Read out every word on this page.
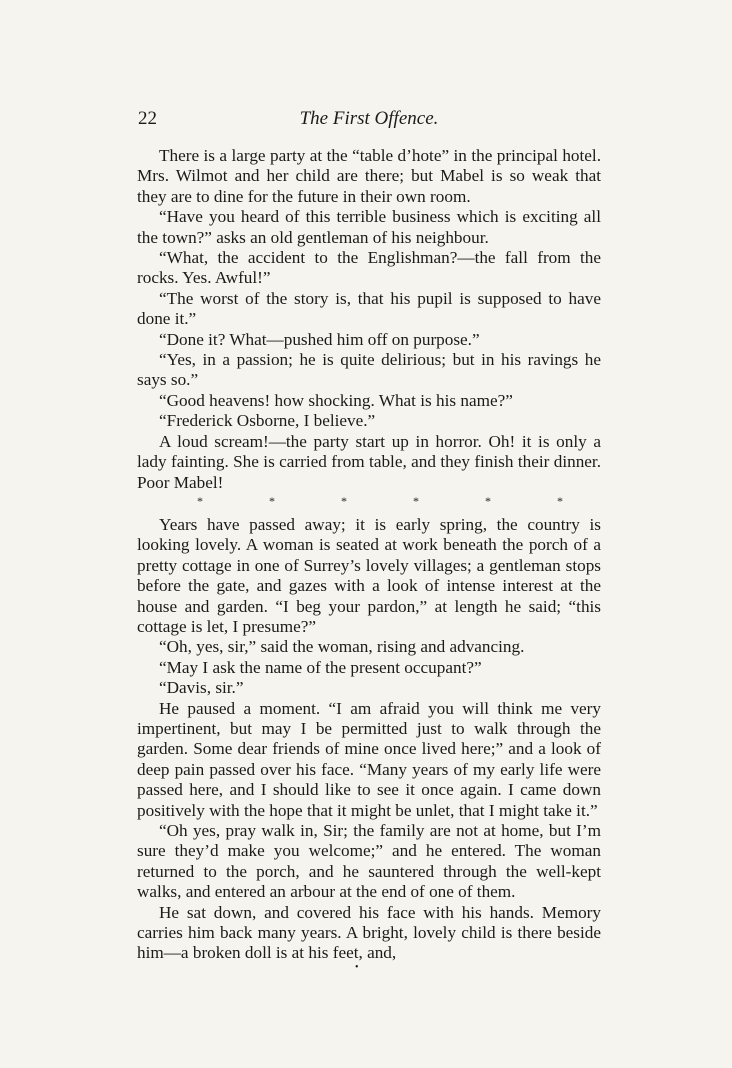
22	The First Offence.

There is a large party at the “table d’hote” in the principal hotel. Mrs. Wilmot and her child are there; but Mabel is so weak that they are to dine for the future in their own room.

“Have you heard of this terrible business which is exciting all the town?” asks an old gentleman of his neighbour.

“What, the accident to the Englishman?—the fall from the rocks. Yes. Awful!”

“The worst of the story is, that his pupil is supposed to have done it.”

“Done it? What—pushed him off on purpose.”

“Yes, in a passion; he is quite delirious; but in his ravings he says so.”

“Good heavens! how shocking. What is his name?”

“Frederick Osborne, I believe.”

A loud scream!—the party start up in horror. Oh! it is only a lady fainting. She is carried from table, and they finish their dinner. Poor Mabel!

*	*	*	*	*	*

Years have passed away; it is early spring, the country is looking lovely. A woman is seated at work beneath the porch of a pretty cottage in one of Surrey’s lovely villages; a gentleman stops before the gate, and gazes with a look of intense interest at the house and garden. “I beg your pardon,” at length he said; “this cottage is let, I presume?”

“Oh, yes, sir,” said the woman, rising and advancing.

“May I ask the name of the present occupant?”

“Davis, sir.”

He paused a moment. “I am afraid you will think me very impertinent, but may I be permitted just to walk through the garden. Some dear friends of mine once lived here;” and a look of deep pain passed over his face. “Many years of my early life were passed here, and I should like to see it once again. I came down positively with the hope that it might be unlet, that I might take it.”

“Oh yes, pray walk in, Sir; the family are not at home, but I’m sure they’d make you welcome;” and he entered. The woman returned to the porch, and he sauntered through the well-kept walks, and entered an arbour at the end of one of them.

He sat down, and covered his face with his hands. Memory carries him back many years. A bright, lovely child is there beside him—a broken doll is at his feet, and,

•
